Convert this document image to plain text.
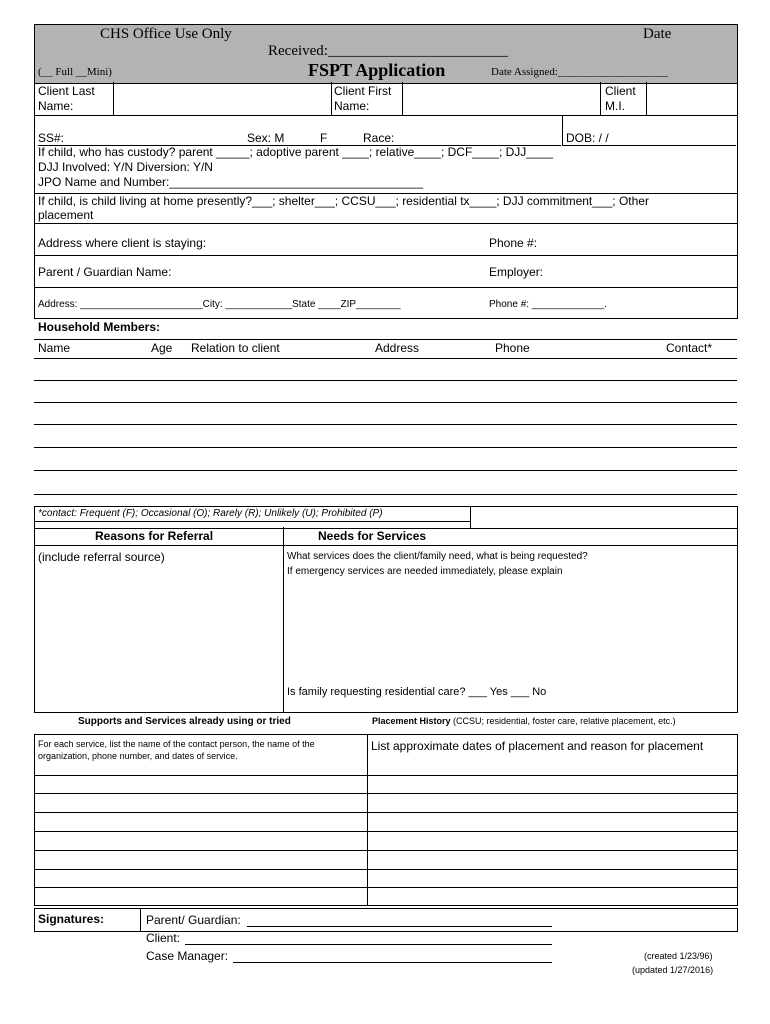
CHS Office Use Only	Date
Received:________________________
(__ Full __Mini)	FSPT Application	Date Assigned:____________________
Client Last
Name:
Client First
Name:
Client
M.I.
SS#:	Sex: M	F	Race:	DOB: / /
If child, who has custody? parent _____; adoptive parent ____; relative____; DCF____; DJJ____
DJJ Involved: Y/N Diversion: Y/N
JPO Name and Number:______________________________________
If child, is child living at home presently?___; shelter___; CCSU___; residential tx____; DJJ commitment___; Other
placement
Address where client is staying:	Phone #:
Parent / Guardian Name:	Employer:
Address: ______________________City: ____________State ____ZIP________	Phone #: _____________.
Household Members:
Name	Age Relation to client	Address	Phone	Contact*
*contact: Frequent (F); Occasional (O); Rarely (R); Unlikely (U); Prohibited (P)
Reasons for Referral	Needs for Services
(include referral source)	What services does the client/family need, what is being requested?
If emergency services are needed immediately, please explain
Is family requesting residential care? ___ Yes ___ No
Supports and Services already using or tried	Placement History (CCSU; residential, foster care, relative placement, etc.)
For each service, list the name of the contact person, the name of the organization, phone number, and dates of service.
List approximate dates of placement and reason for placement
Signatures:	Parent/ Guardian:
Client:
Case Manager:	(created 1/23/96)
(updated 1/27/2016)
